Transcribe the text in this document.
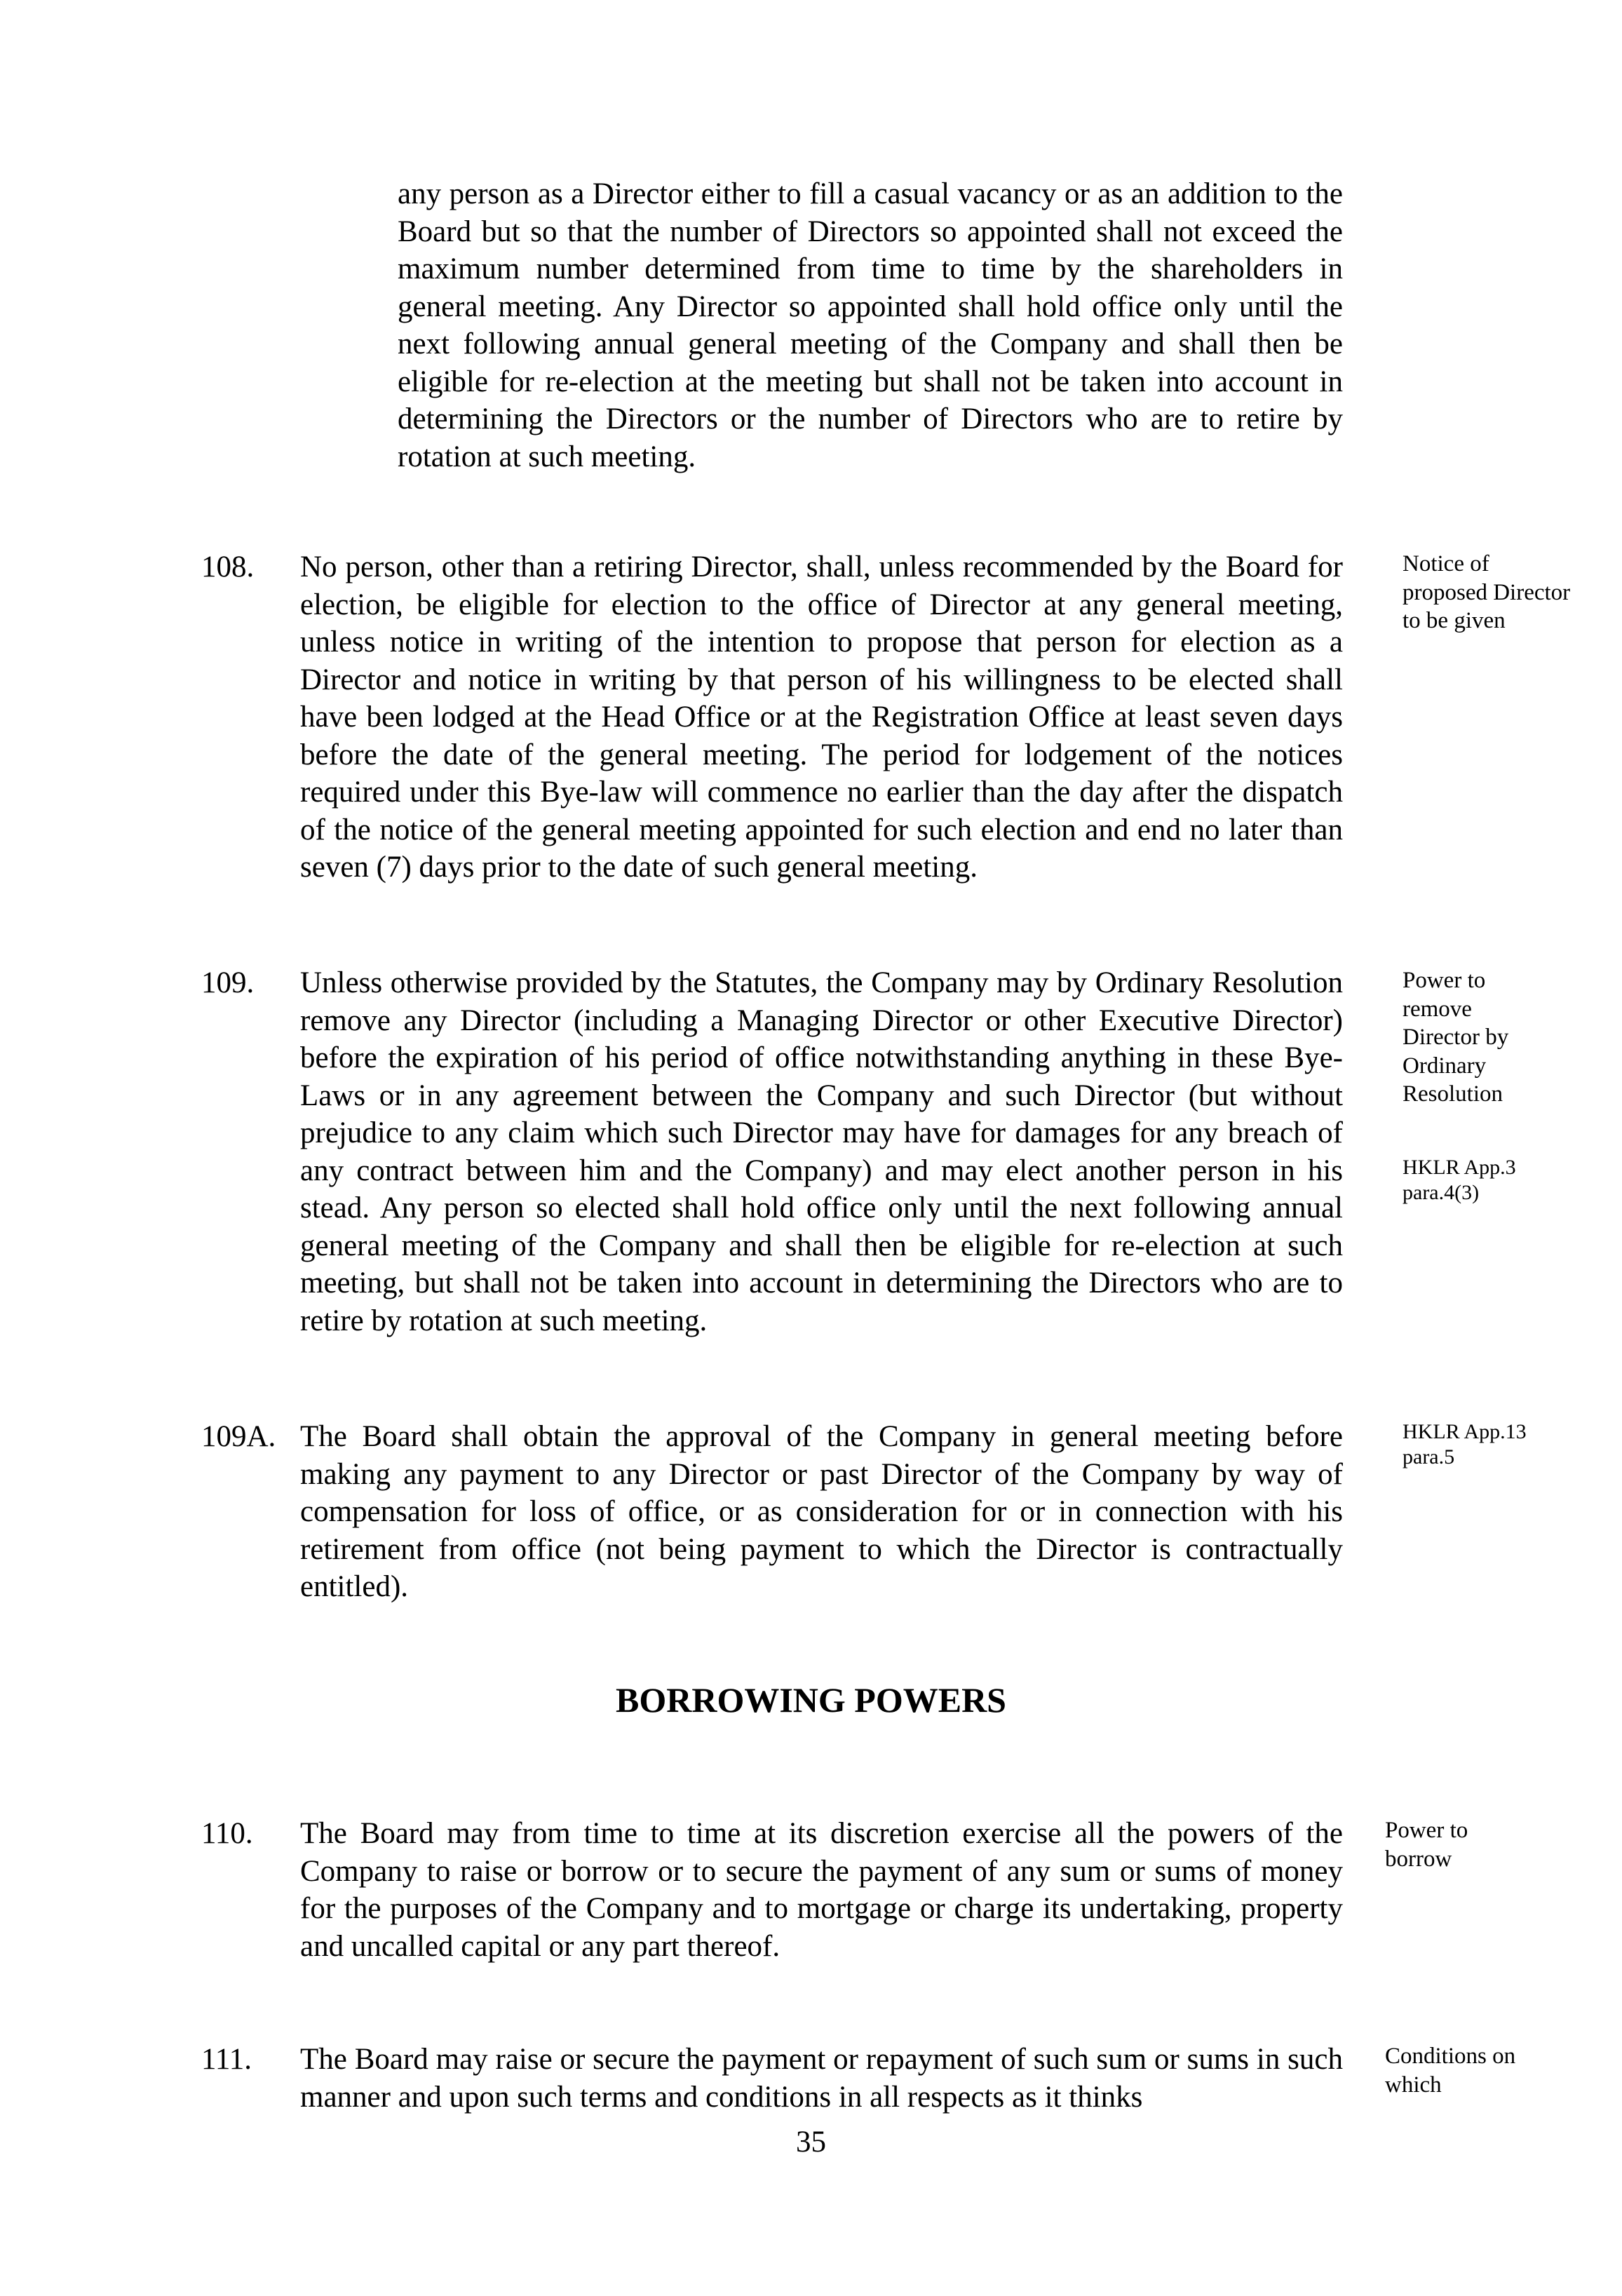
any person as a Director either to fill a casual vacancy or as an addition to the Board but so that the number of Directors so appointed shall not exceed the maximum number determined from time to time by the shareholders in general meeting. Any Director so appointed shall hold office only until the next following annual general meeting of the Company and shall then be eligible for re-election at the meeting but shall not be taken into account in determining the Directors or the number of Directors who are to retire by rotation at such meeting.
108. No person, other than a retiring Director, shall, unless recommended by the Board for election, be eligible for election to the office of Director at any general meeting, unless notice in writing of the intention to propose that person for election as a Director and notice in writing by that person of his willingness to be elected shall have been lodged at the Head Office or at the Registration Office at least seven days before the date of the general meeting. The period for lodgement of the notices required under this Bye-law will commence no earlier than the day after the dispatch of the notice of the general meeting appointed for such election and end no later than seven (7) days prior to the date of such general meeting.
Notice of proposed Director to be given
109. Unless otherwise provided by the Statutes, the Company may by Ordinary Resolution remove any Director (including a Managing Director or other Executive Director) before the expiration of his period of office notwithstanding anything in these Bye-Laws or in any agreement between the Company and such Director (but without prejudice to any claim which such Director may have for damages for any breach of any contract between him and the Company) and may elect another person in his stead. Any person so elected shall hold office only until the next following annual general meeting of the Company and shall then be eligible for re-election at such meeting, but shall not be taken into account in determining the Directors who are to retire by rotation at such meeting.
Power to remove Director by Ordinary Resolution
HKLR App.3 para.4(3)
109A. The Board shall obtain the approval of the Company in general meeting before making any payment to any Director or past Director of the Company by way of compensation for loss of office, or as consideration for or in connection with his retirement from office (not being payment to which the Director is contractually entitled).
HKLR App.13 para.5
BORROWING POWERS
110. The Board may from time to time at its discretion exercise all the powers of the Company to raise or borrow or to secure the payment of any sum or sums of money for the purposes of the Company and to mortgage or charge its undertaking, property and uncalled capital or any part thereof.
Power to borrow
111. The Board may raise or secure the payment or repayment of such sum or sums in such manner and upon such terms and conditions in all respects as it thinks
Conditions on which
35
